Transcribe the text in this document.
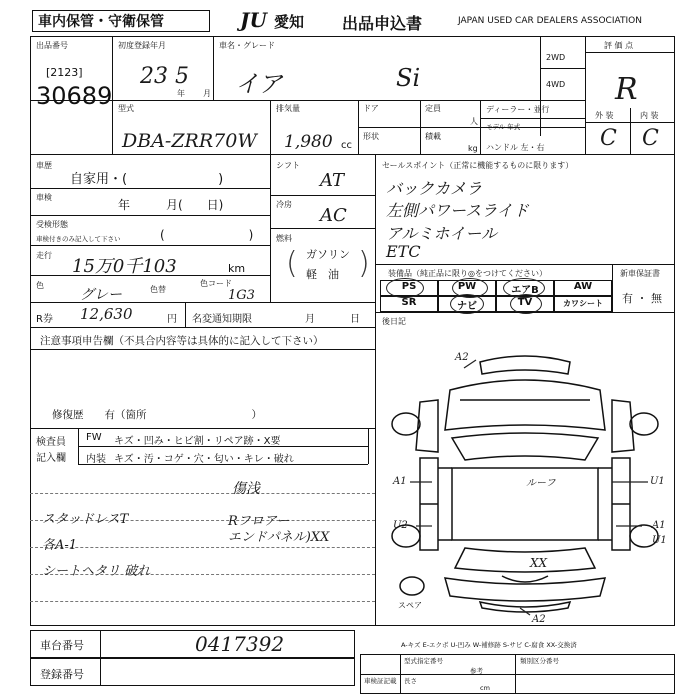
車内保管・守衛保管	JU 愛知 出品申込書	JAPAN USED CAR DEALERS ASSOCIATION
出品番号
[2123]
30689
初度登録年月
23 5
年 月
車名・グレード
イア	Si
2WD
4WD
評 価 点
R
型式
DBA-ZRR70W
排気量
1,980 cc
ドア
形状
定員
人
積載
kg
ディーラー・並行
モデル 年式
ハンドル 左・右
外 装	内 装
C C
車歴
自家用・(　　　　　　　)
車検
年　　　月(　　日)
受検形態
車検付きのみ記入して下さい	(　　　　　　　)
走行
15万0千103	km
色
グレー	色替
色コード
1G3
シフト
AT
冷房
AC
燃料
ガソリン
軽　油
( )
セールスポイント（正常に機能するものに限ります）
バックカメラ
左側パワースライド
アルミホイール
ETC
装備品（純正品に限り◎をつけてください）	新車保証書
有 ・ 無
PS	PW	エアB	AW
SR	ナビ	TV	カワシート
R券 12,630	円 名変通知期限	月	日	後日記
注意事項申告欄（不具合内容等は具体的に記入して下さい）
修復歴　　有（箇所　　　　　　　　　　）
検査員
記入欄
FW キズ・凹み・ヒビ割・リペア跡・X要
内装 キズ・汚・コゲ・穴・匂い・キレ・破れ
傷浅
スタッドレスT
各A-1
シートヘタリ 破れ
Rフロアー
エンドパネル)XX
A2
A1	U1
U2	A1
U1
XX
A2
ルーフ
スペア
A-キズ E-エクボ U-凹み W-補修跡 S-サビ C-腐食 XX-交換済
車台番号	0417392
登録番号	車検証記載 長さ
cm
型式指定番号	類別区分番号
参考
